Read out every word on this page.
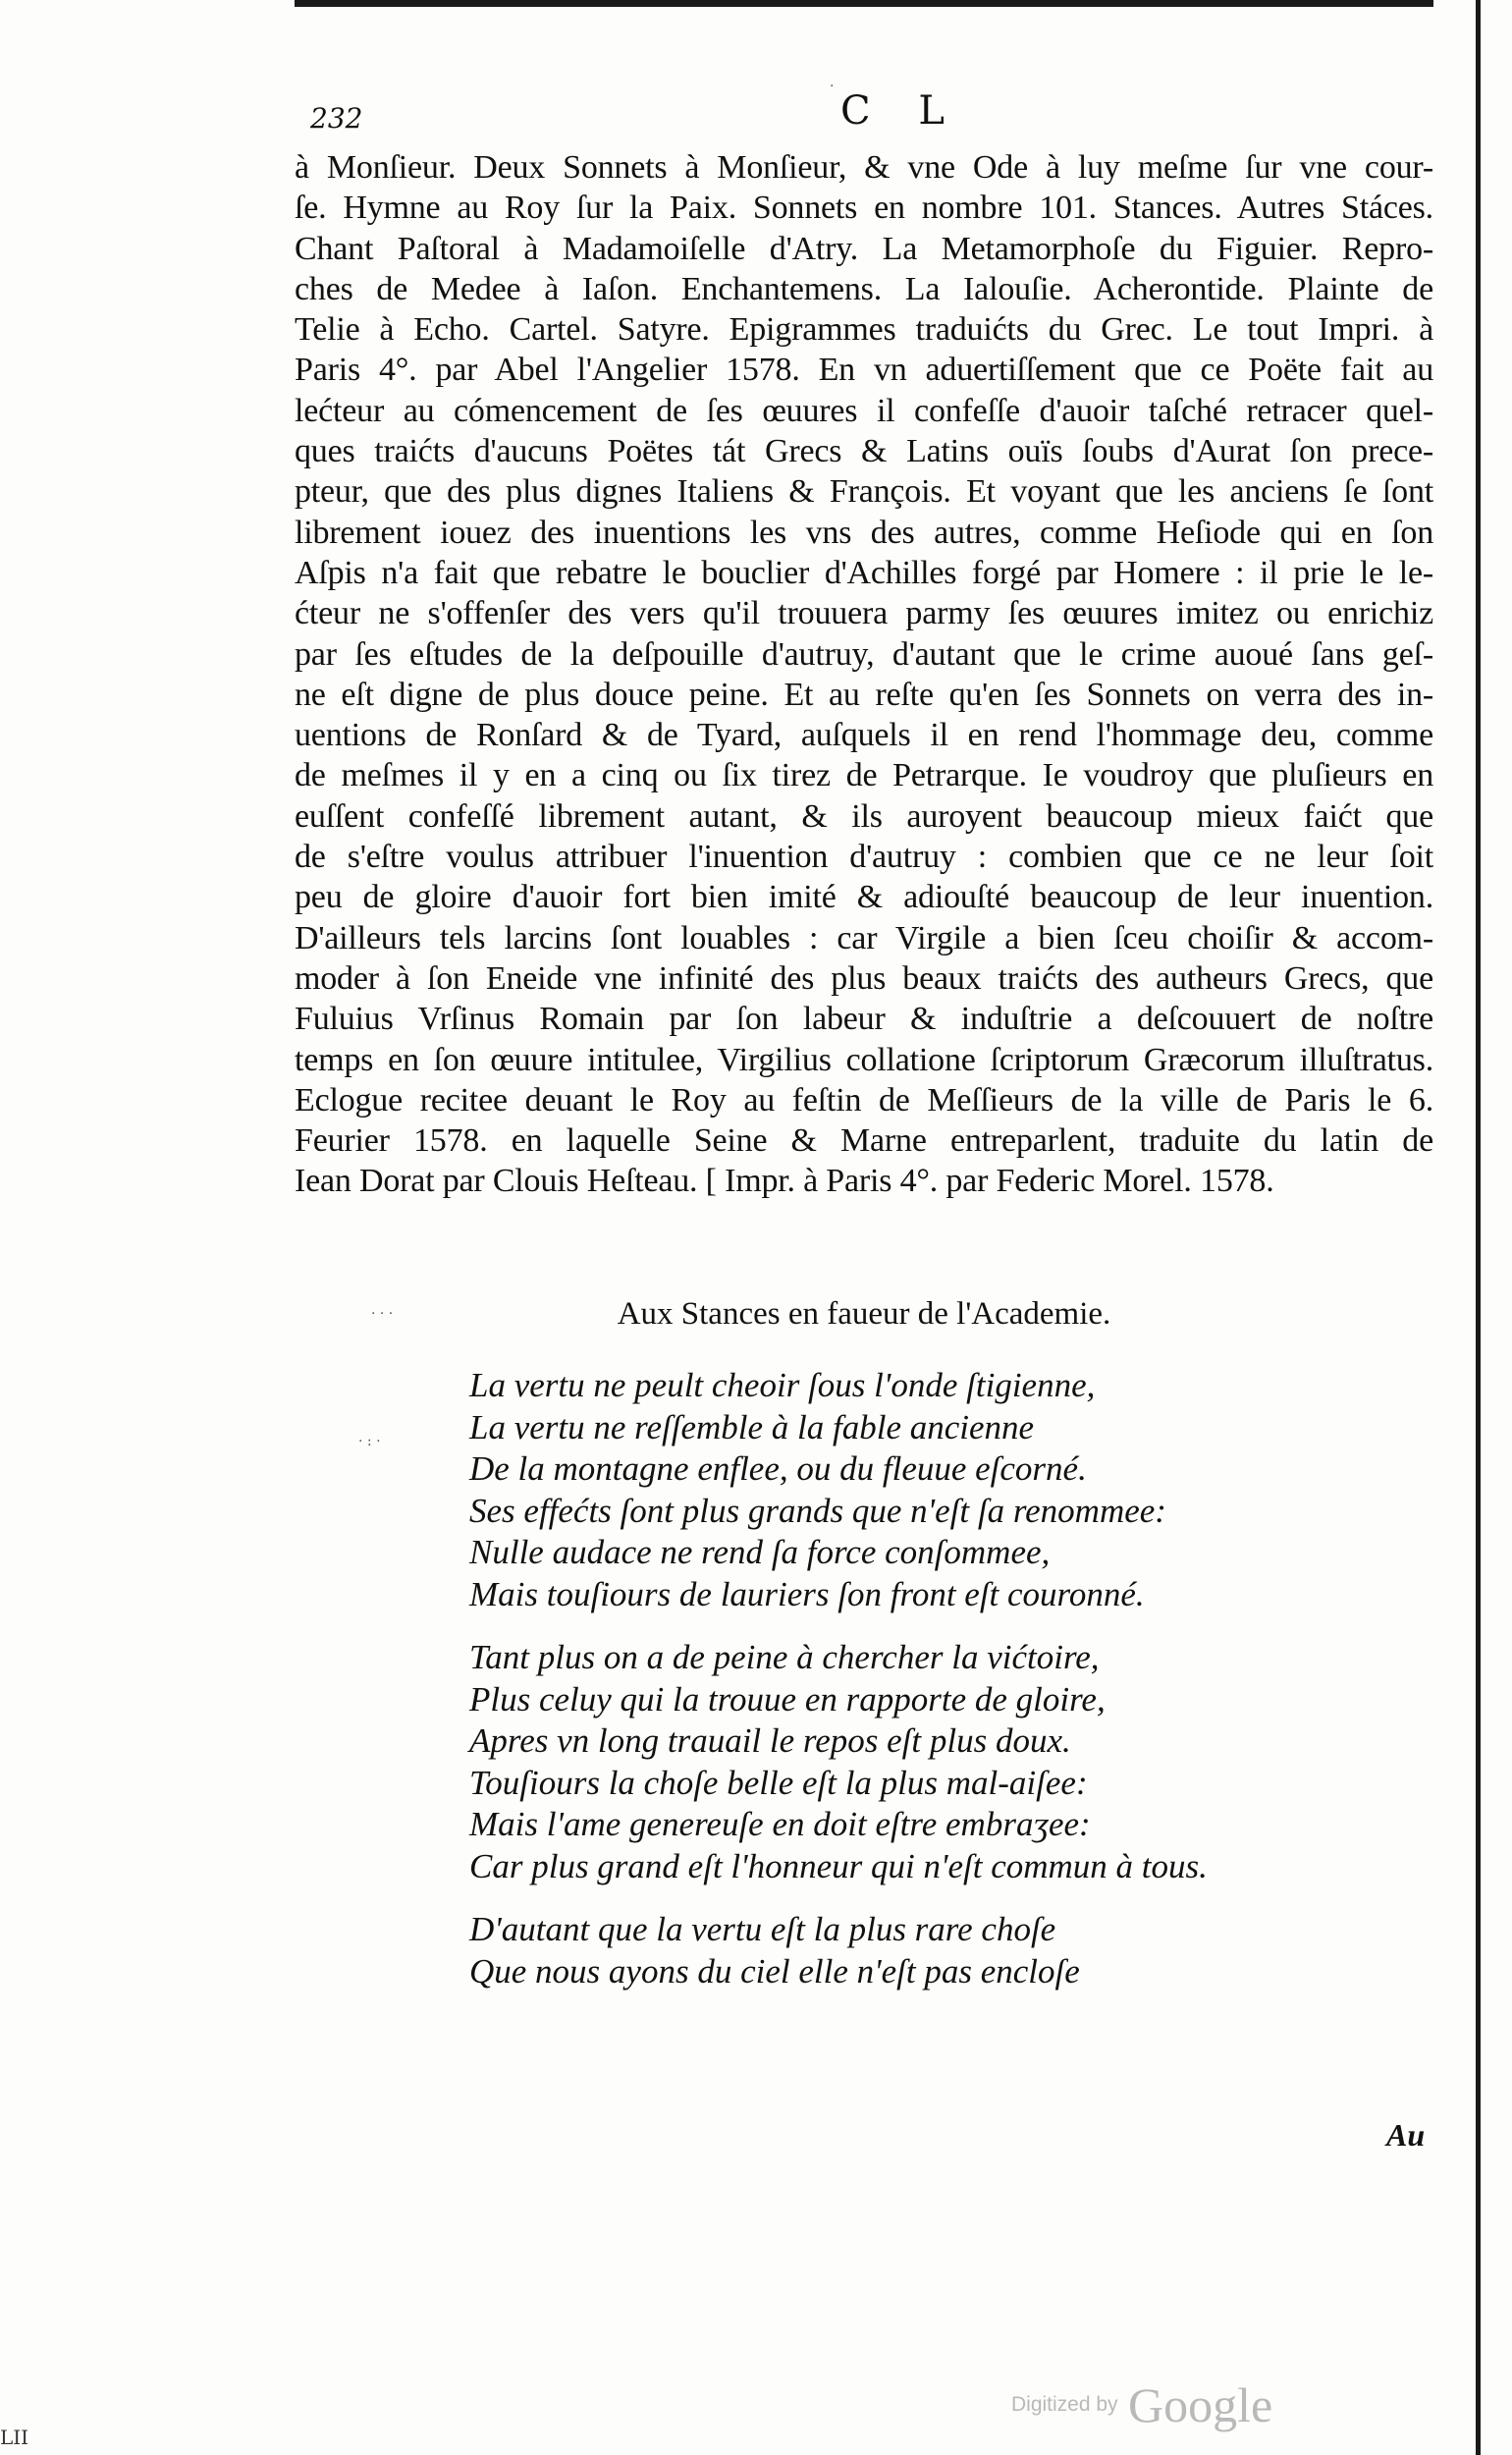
232	C L
à Monſieur. Deux Sonnets à Monſieur, & vne Ode à luy meſme ſur vne cour-
ſe. Hymne au Roy ſur la Paix. Sonnets en nombre 101. Stances. Autres Stáces.
Chant Paſtoral à Madamoiſelle d'Atry. La Metamorphoſe du Figuier. Repro-
ches de Medee à Iaſon. Enchantemens. La Ialouſie. Acherontide. Plainte de
Telie à Echo. Cartel. Satyre. Epigrammes traduićts du Grec. Le tout Impri. à
Paris 4°. par Abel l'Angelier 1578. En vn aduertiſſement que ce Poëte fait au
lećteur au cómencement de ſes œuures il confeſſe d'auoir taſché retracer quel-
ques traićts d'aucuns Poëtes tát Grecs & Latins ouïs ſoubs d'Aurat ſon prece-
pteur, que des plus dignes Italiens & François. Et voyant que les anciens ſe ſont
librement iouez des inuentions les vns des autres, comme Heſiode qui en ſon
Aſpis n'a fait que rebatre le bouclier d'Achilles forgé par Homere : il prie le le-
ćteur ne s'offenſer des vers qu'il trouuera parmy ſes œuures imitez ou enrichiz
par ſes eſtudes de la deſpouille d'autruy, d'autant que le crime auoué ſans geſ-
ne eſt digne de plus douce peine. Et au reſte qu'en ſes Sonnets on verra des in-
uentions de Ronſard & de Tyard, auſquels il en rend l'hommage deu, comme
de meſmes il y en a cinq ou ſix tirez de Petrarque. Ie voudroy que pluſieurs en
euſſent confeſſé librement autant, & ils auroyent beaucoup mieux faićt que
de s'eſtre voulus attribuer l'inuention d'autruy : combien que ce ne leur ſoit
peu de gloire d'auoir fort bien imité & adiouſté beaucoup de leur inuention.
D'ailleurs tels larcins ſont louables : car Virgile a bien ſceu choiſir & accom-
moder à ſon Eneide vne infinité des plus beaux traićts des autheurs Grecs, que
Fuluius Vrſinus Romain par ſon labeur & induſtrie a deſcouuert de noſtre
temps en ſon œuure intitulee, Virgilius collatione ſcriptorum Græcorum illuſtratus.
Eclogue recitee deuant le Roy au feſtin de Meſſieurs de la ville de Paris le 6.
Feurier 1578. en laquelle Seine & Marne entreparlent, traduite du latin de
Iean Dorat par Clouis Heſteau. [ Impr. à Paris 4°. par Federic Morel. 1578.
Aux Stances en faueur de l'Academie.
La vertu ne peult cheoir ſous l'onde ſtigienne,
La vertu ne reſſemble à la fable ancienne
De la montagne enflee, ou du fleuue eſcorné.
Ses effećts ſont plus grands que n'eſt ſa renommee:
Nulle audace ne rend ſa force conſommee,
Mais touſiours de lauriers ſon front eſt couronné.
Tant plus on a de peine à chercher la vićtoire,
Plus celuy qui la trouue en rapporte de gloire,
Apres vn long trauail le repos eſt plus doux.
Touſiours la choſe belle eſt la plus mal-aiſee:
Mais l'ame genereuſe en doit eſtre embraʒee:
Car plus grand eſt l'honneur qui n'eſt commun à tous.
D'autant que la vertu eſt la plus rare choſe
Que nous ayons du ciel elle n'eſt pas encloſe
Au
· · ·
· : ·
·
Digitized by Google
LII
